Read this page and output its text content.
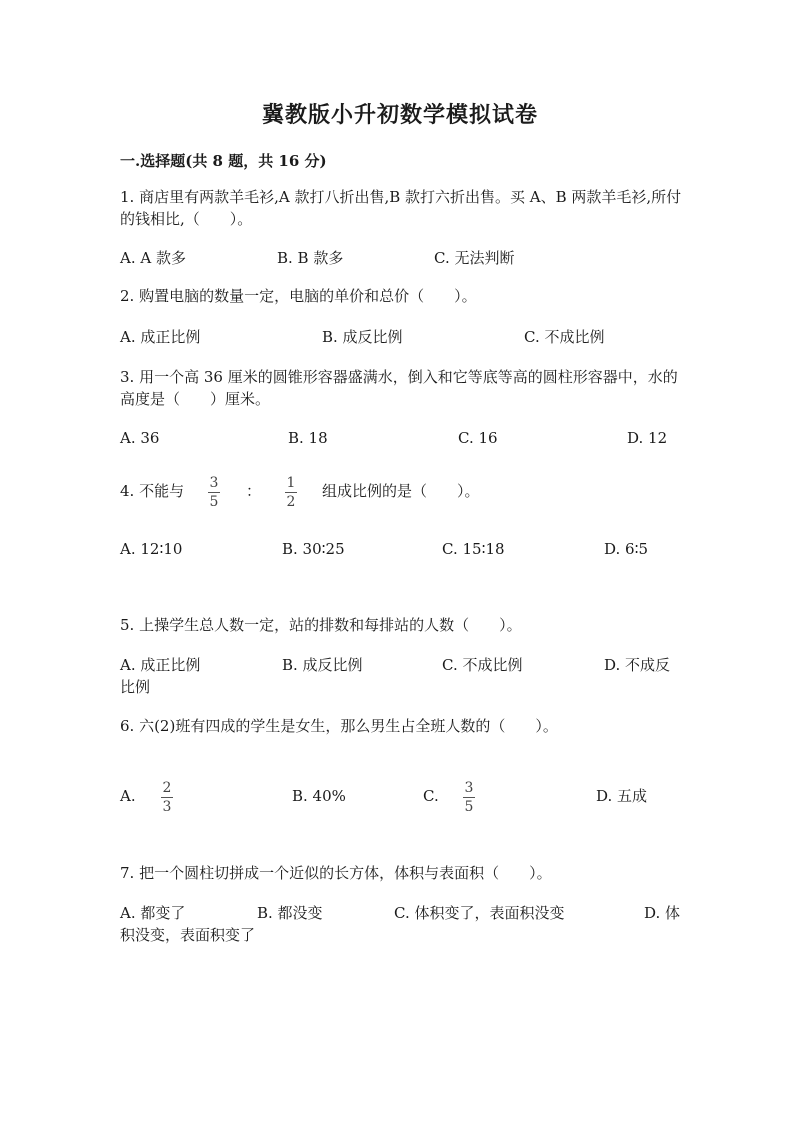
冀教版小升初数学模拟试卷
一.选择题(共 8 题，共 16 分)
1. 商店里有两款羊毛衫,A 款打八折出售,B 款打六折出售。买 A、B 两款羊毛衫,所付的钱相比,（　　）。
A. A 款多	B. B 款多	C. 无法判断
2. 购置电脑的数量一定，电脑的单价和总价（　　）。
A. 成正比例	B. 成反比例	C. 不成比例
3. 用一个高 36 厘米的圆锥形容器盛满水，倒入和它等底等高的圆柱形容器中，水的高度是（　　）厘米。
A. 36	B. 18	C. 16	D. 12
4. 不能与 3
5
： 1
2
组成比例的是（　　）。
A. 12∶10	B. 30∶25	C. 15∶18	D. 6∶5
5. 上操学生总人数一定，站的排数和每排站的人数（　　）。
A. 成正比例	B. 成反比例	C. 不成比例	D. 不成反
比例
6. 六(2)班有四成的学生是女生，那么男生占全班人数的（　　）。
A. 2
3
B. 40%	C. 3
5
D. 五成
7. 把一个圆柱切拼成一个近似的长方体，体积与表面积（　　）。
A. 都变了	B. 都没变	C. 体积变了，表面积没变	D. 体
积没变，表面积变了
